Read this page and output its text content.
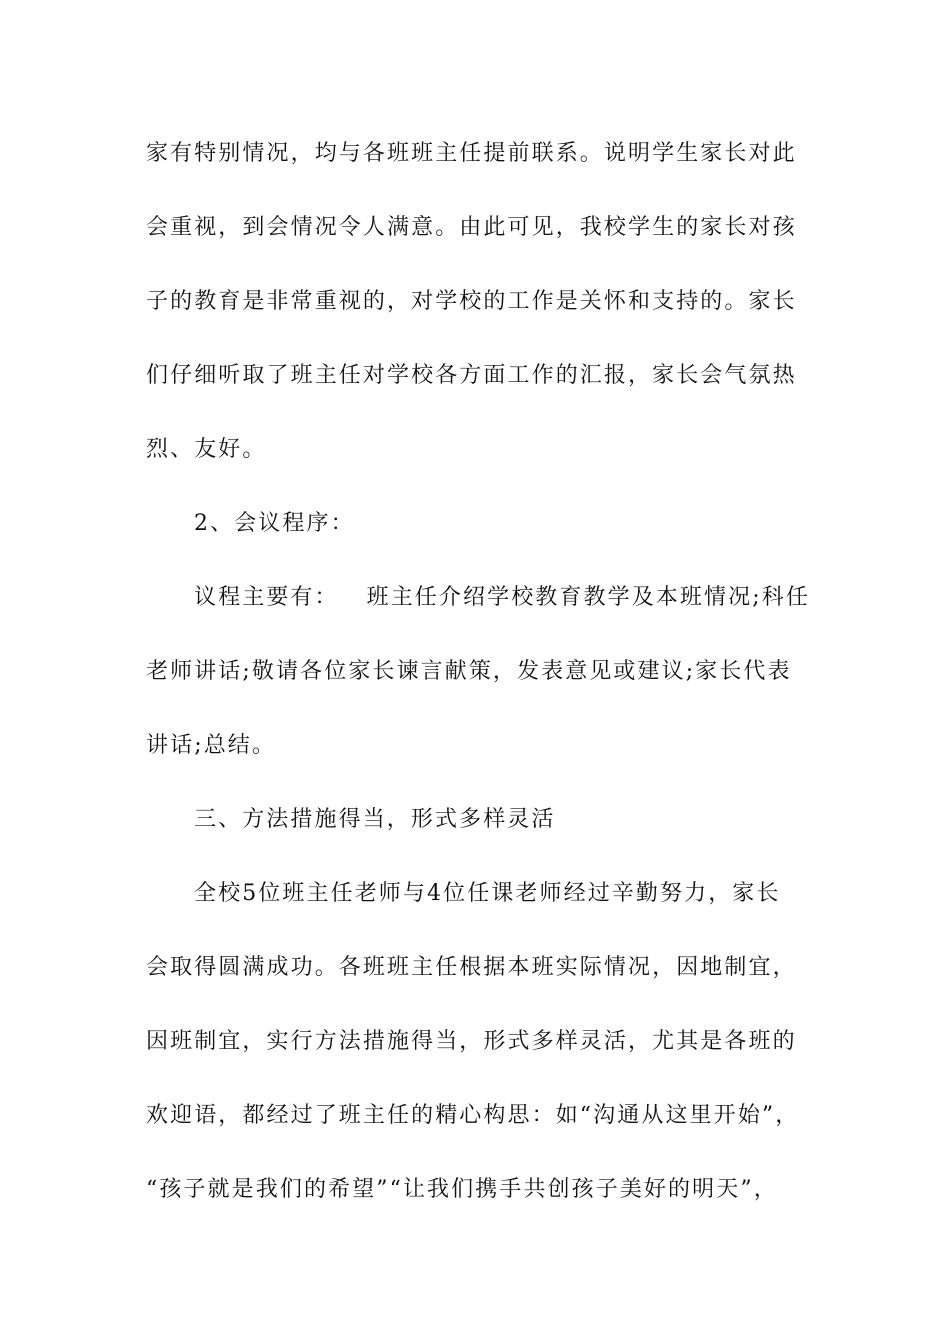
家有特别情况，均与各班班主任提前联系。说明学生家长对此
会重视，到会情况令人满意。由此可见，我校学生的家长对孩
子的教育是非常重视的，对学校的工作是关怀和支持的。家长
们仔细听取了班主任对学校各方面工作的汇报，家长会气氛热
烈、友好。
2、会议程序：
议程主要有： 班主任介绍学校教育教学及本班情况;科任
老师讲话;敬请各位家长谏言献策，发表意见或建议;家长代表
讲话;总结。
三、方法措施得当，形式多样灵活
全校5位班主任老师与4位任课老师经过辛勤努力，家长
会取得圆满成功。各班班主任根据本班实际情况，因地制宜，
因班制宜，实行方法措施得当，形式多样灵活，尤其是各班的
欢迎语，都经过了班主任的精心构思：如“沟通从这里开始”，
“孩子就是我们的希望”“让我们携手共创孩子美好的明天”，
